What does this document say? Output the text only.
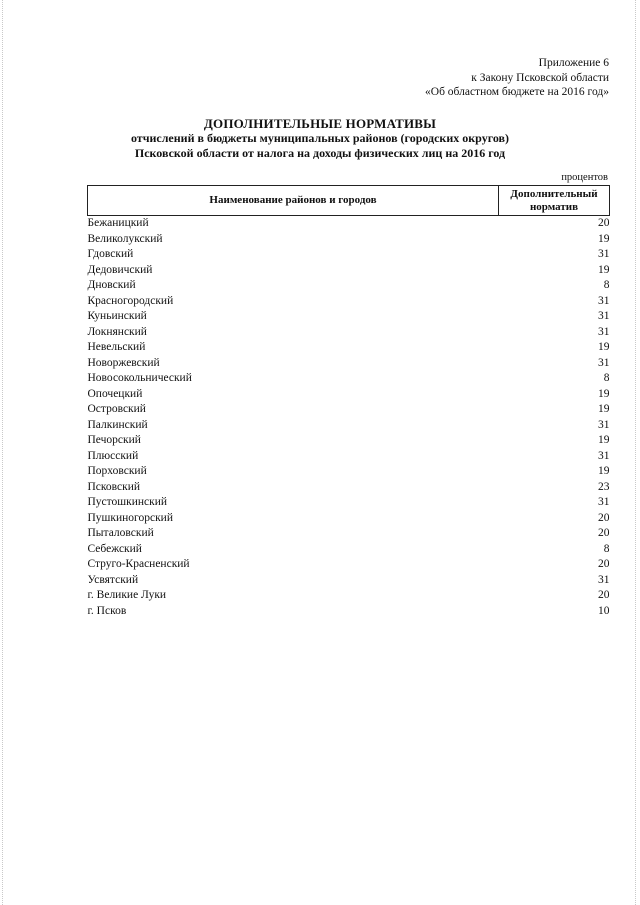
Приложение 6
к Закону Псковской области
«Об областном бюджете на 2016 год»
ДОПОЛНИТЕЛЬНЫЕ НОРМАТИВЫ
отчислений в бюджеты муниципальных районов (городских округов)
Псковской области от налога на доходы физических лиц на 2016 год
процентов
Наименование районов и городов	Дополнительный норматив
Бежаницкий	20
Великолукский	19
Гдовский	31
Дедовичский	19
Дновский	8
Красногородский	31
Куньинский	31
Локнянский	31
Невельский	19
Новоржевский	31
Новосокольнический	8
Опочецкий	19
Островский	19
Палкинский	31
Печорский	19
Плюсский	31
Порховский	19
Псковский	23
Пустошкинский	31
Пушкиногорский	20
Пыталовский	20
Себежский	8
Струго-Красненский	20
Усвятский	31
г. Великие Луки	20
г. Псков	10
